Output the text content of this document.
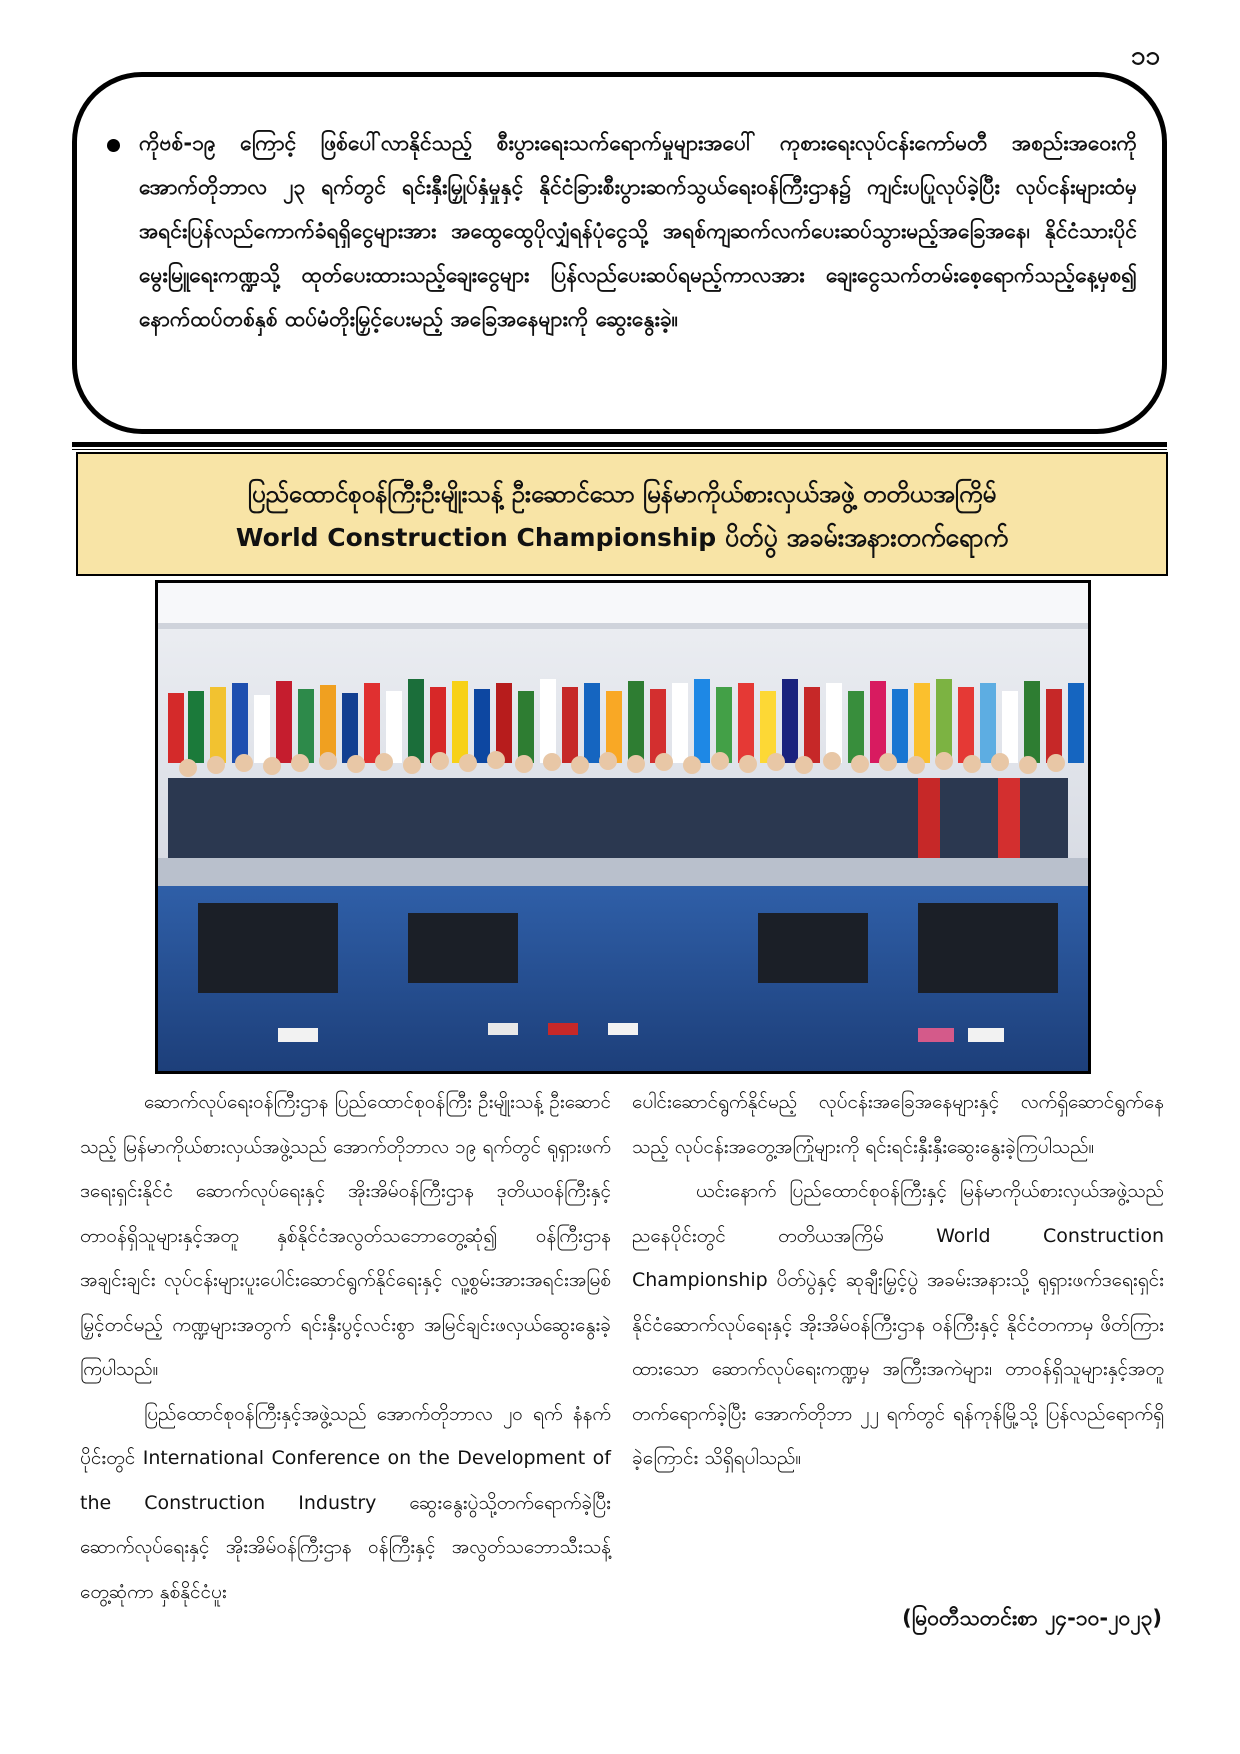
၁၁
ကိုဗစ်-၁၉ ကြောင့် ဖြစ်ပေါ်လာနိုင်သည့် စီးပွားရေးသက်ရောက်မှုများအပေါ် ကုစားရေးလုပ်ငန်းကော်မတီ အစည်းအဝေးကို အောက်တိုဘာလ ၂၃ ရက်တွင် ရင်းနှီးမြှုပ်နှံမှုနှင့် နိုင်ငံခြားစီးပွားဆက်သွယ်ရေးဝန်ကြီးဌာန၌ ကျင်းပပြုလုပ်ခဲ့ပြီး လုပ်ငန်းများထံမှ အရင်းပြန်လည်ကောက်ခံရရှိငွေများအား အထွေထွေပိုလျှံရန်ပုံငွေသို့ အရစ်ကျဆက်လက်ပေးဆပ်သွားမည့်အခြေအနေ၊ နိုင်ငံသားပိုင်မွေးမြူရေးကဏ္ဍသို့ ထုတ်ပေးထားသည့်ချေးငွေများ ပြန်လည်ပေးဆပ်ရမည့်ကာလအား ချေးငွေသက်တမ်းစေ့ရောက်သည့်နေ့မှစ၍ နောက်ထပ်တစ်နှစ် ထပ်မံတိုးမြှင့်ပေးမည့် အခြေအနေများကို ဆွေးနွေးခဲ့။
ပြည်ထောင်စုဝန်ကြီးဦးမျိုးသန့် ဦးဆောင်သော မြန်မာကိုယ်စားလှယ်အဖွဲ့ တတိယအကြိမ်
World Construction Championship ပိတ်ပွဲ အခမ်းအနားတက်ရောက်

ဆောက်လုပ်ရေးဝန်ကြီးဌာန ပြည်ထောင်စုဝန်ကြီး ဦးမျိုးသန့် ဦးဆောင်သည့် မြန်မာကိုယ်စားလှယ်အဖွဲ့သည် အောက်တိုဘာလ ၁၉ ရက်တွင် ရုရှားဖက်ဒရေးရှင်းနိုင်ငံ ဆောက်လုပ်ရေးနှင့် အိုးအိမ်ဝန်ကြီးဌာန ဒုတိယဝန်ကြီးနှင့် တာဝန်ရှိသူများနှင့်အတူ နှစ်နိုင်ငံအလွတ်သဘောတွေ့ဆုံ၍ ဝန်ကြီးဌာနအချင်းချင်း လုပ်ငန်းများပူးပေါင်းဆောင်ရွက်နိုင်ရေးနှင့် လူ့စွမ်းအားအရင်းအမြစ်မြှင့်တင်မည့် ကဏ္ဍများအတွက် ရင်းနှီးပွင့်လင်းစွာ အမြင်ချင်းဖလှယ်ဆွေးနွေးခဲ့ကြပါသည်။

ပြည်ထောင်စုဝန်ကြီးနှင့်အဖွဲ့သည် အောက်တိုဘာလ ၂၀ ရက် နံနက်ပိုင်းတွင် International Conference on the Development of the Construction Industry ဆွေးနွေးပွဲသို့တက်ရောက်ခဲ့ပြီး ဆောက်လုပ်ရေးနှင့် အိုးအိမ်ဝန်ကြီးဌာန ဝန်ကြီးနှင့် အလွတ်သဘောသီးသန့်တွေ့ဆုံကာ နှစ်နိုင်ငံပူး

ပေါင်းဆောင်ရွက်နိုင်မည့် လုပ်ငန်းအခြေအနေများနှင့် လက်ရှိဆောင်ရွက်နေသည့် လုပ်ငန်းအတွေ့အကြုံများကို ရင်းရင်းနှီးနှီးဆွေးနွေးခဲ့ကြပါသည်။

ယင်းနောက် ပြည်ထောင်စုဝန်ကြီးနှင့် မြန်မာကိုယ်စားလှယ်အဖွဲ့သည် ညနေပိုင်းတွင် တတိယအကြိမ် World Construction Championship ပိတ်ပွဲနှင့် ဆုချီးမြှင့်ပွဲ အခမ်းအနားသို့ ရုရှားဖက်ဒရေးရှင်းနိုင်ငံဆောက်လုပ်ရေးနှင့် အိုးအိမ်ဝန်ကြီးဌာန ဝန်ကြီးနှင့် နိုင်ငံတကာမှ ဖိတ်ကြားထားသော ဆောက်လုပ်ရေးကဏ္ဍမှ အကြီးအကဲများ၊ တာဝန်ရှိသူများနှင့်အတူ တက်ရောက်ခဲ့ပြီး အောက်တိုဘာ ၂၂ ရက်တွင် ရန်ကုန်မြို့သို့ ပြန်လည်ရောက်ရှိခဲ့ကြောင်း သိရှိရပါသည်။

(မြဝတီသတင်းစာ ၂၄-၁၀-၂၀၂၃)
